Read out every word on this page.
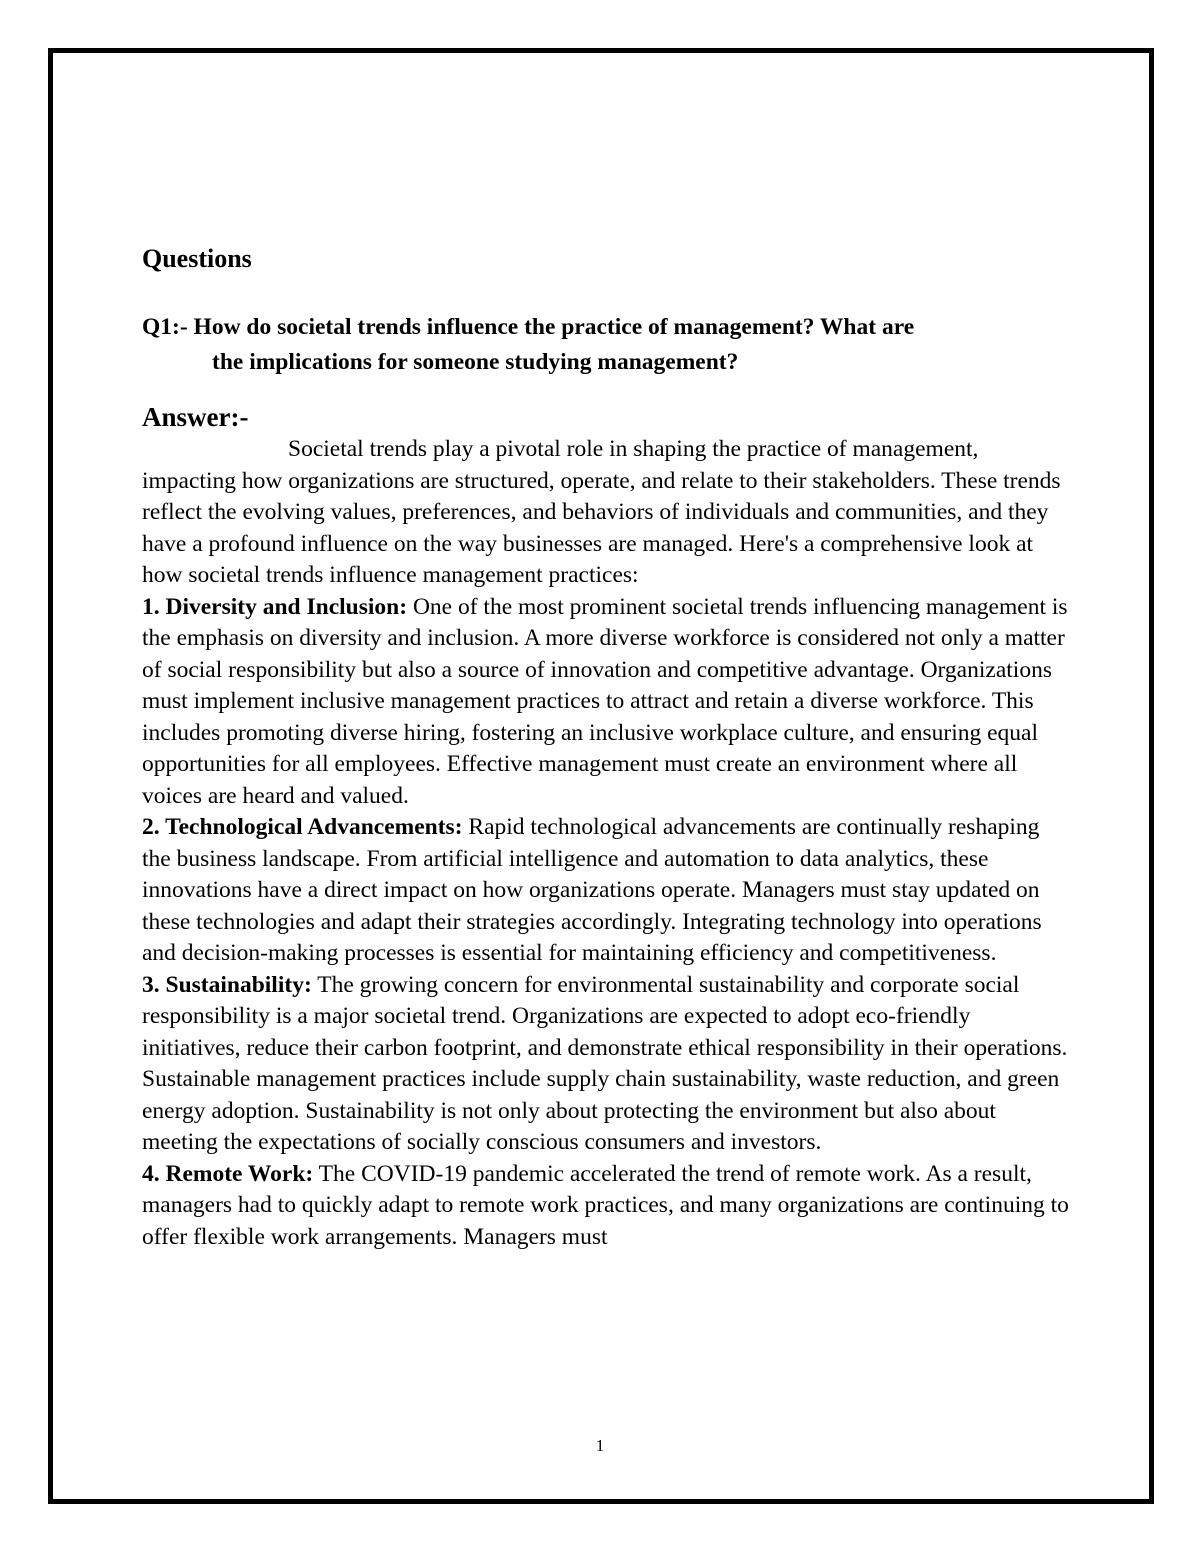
Questions
Q1:- How do societal trends influence the practice of management? What are
the implications for someone studying management?
Answer:-

Societal trends play a pivotal role in shaping the practice of management, impacting how organizations are structured, operate, and relate to their stakeholders. These trends reflect the evolving values, preferences, and behaviors of individuals and communities, and they have a profound influence on the way businesses are managed. Here's a comprehensive look at how societal trends influence management practices:

1. Diversity and Inclusion: One of the most prominent societal trends influencing management is the emphasis on diversity and inclusion. A more diverse workforce is considered not only a matter of social responsibility but also a source of innovation and competitive advantage. Organizations must implement inclusive management practices to attract and retain a diverse workforce. This includes promoting diverse hiring, fostering an inclusive workplace culture, and ensuring equal opportunities for all employees. Effective management must create an environment where all voices are heard and valued.

2. Technological Advancements: Rapid technological advancements are continually reshaping the business landscape. From artificial intelligence and automation to data analytics, these innovations have a direct impact on how organizations operate. Managers must stay updated on these technologies and adapt their strategies accordingly. Integrating technology into operations and decision-making processes is essential for maintaining efficiency and competitiveness.

3. Sustainability: The growing concern for environmental sustainability and corporate social responsibility is a major societal trend. Organizations are expected to adopt eco-friendly initiatives, reduce their carbon footprint, and demonstrate ethical responsibility in their operations. Sustainable management practices include supply chain sustainability, waste reduction, and green energy adoption. Sustainability is not only about protecting the environment but also about meeting the expectations of socially conscious consumers and investors.

4. Remote Work: The COVID-19 pandemic accelerated the trend of remote work. As a result, managers had to quickly adapt to remote work practices, and many organizations are continuing to offer flexible work arrangements. Managers must

1
